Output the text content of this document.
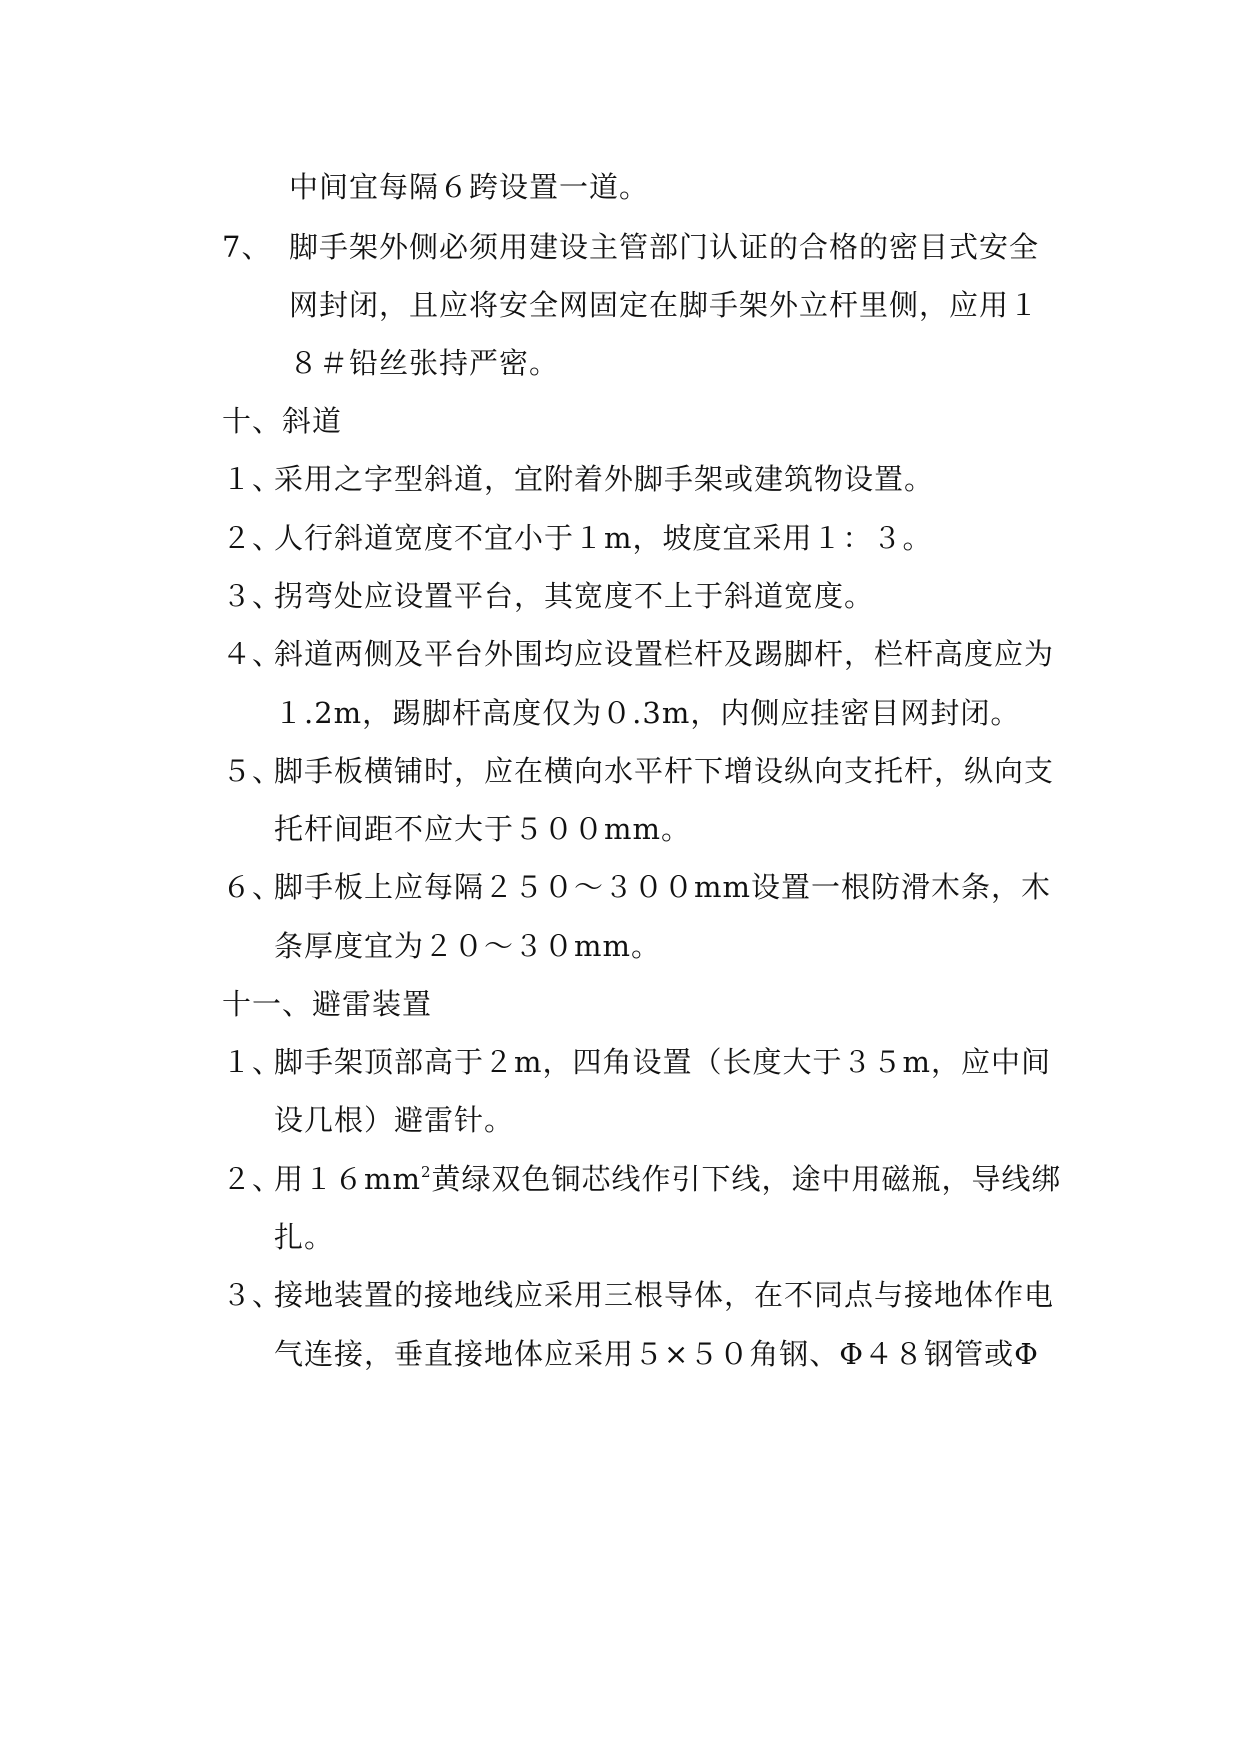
中间宜每隔６跨设置一道。
7、 脚手架外侧必须用建设主管部门认证的合格的密目式安全
网封闭，且应将安全网固定在脚手架外立杆里侧，应用１
８＃铅丝张持严密。
十、斜道
１、
采用之字型斜道，宜附着外脚手架或建筑物设置。
２、
人行斜道宽度不宜小于１m，坡度宜采用１：３。
３、
拐弯处应设置平台，其宽度不上于斜道宽度。
４、
斜道两侧及平台外围均应设置栏杆及踢脚杆，栏杆高度应为
１.2m，踢脚杆高度仅为０.3m，内侧应挂密目网封闭。
５、
脚手板横铺时，应在横向水平杆下增设纵向支托杆，纵向支
托杆间距不应大于５００mm。
６、
脚手板上应每隔２５０～３００mm设置一根防滑木条，木
条厚度宜为２０～３０mm。
十一、避雷装置
１、
脚手架顶部高于２m，四角设置（长度大于３５m，应中间
设几根）避雷针。
２、
用$16mm^2$黄绿双色铜芯线作引下线，途中用磁瓶，导线绑
扎。
３、
接地装置的接地线应采用三根导体，在不同点与接地体作电
气连接，垂直接地体应采用５×５０角钢、Φ４８钢管或Φ
